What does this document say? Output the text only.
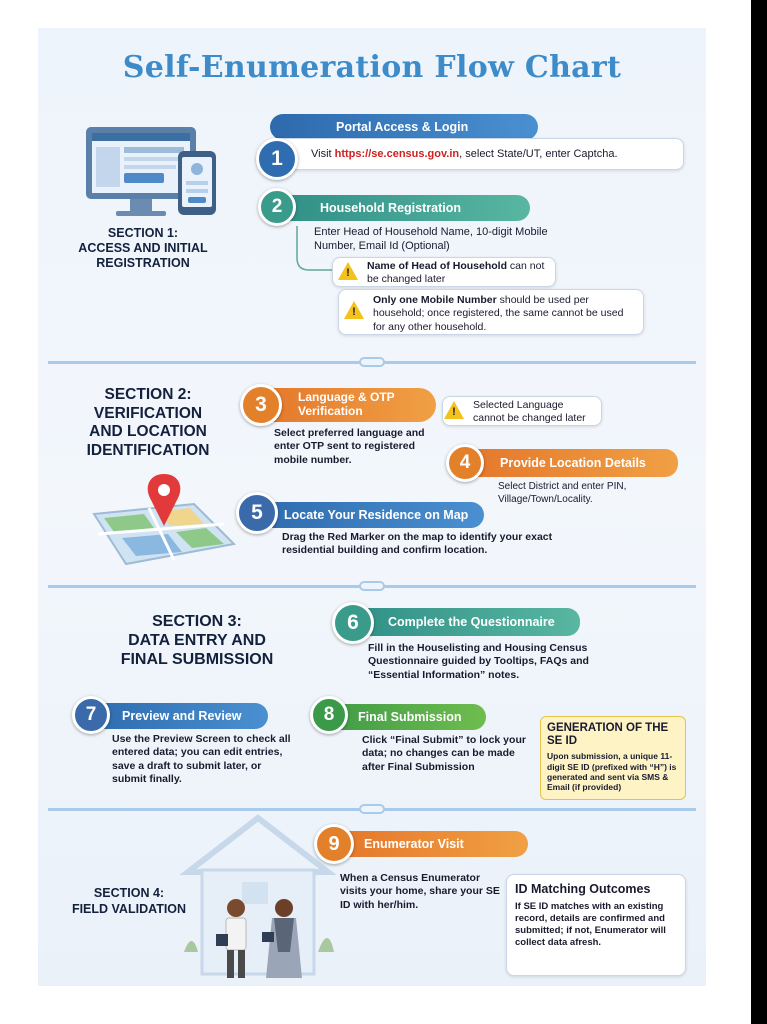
Self-Enumeration Flow Chart
SECTION 1:
ACCESS AND INITIAL
REGISTRATION
Portal Access & Login
Visit https://se.census.gov.in, select State/UT, enter Captcha.
1
Household Registration
2
Enter Head of Household Name, 10-digit Mobile Number, Email Id (Optional)
Name of Head of Household can not be changed later
!
Only one Mobile Number should be used per household; once registered, the same cannot be used for any other household.
!
SECTION 2:
VERIFICATION
AND LOCATION
IDENTIFICATION
Language & OTP Verification
3
Select preferred language and enter OTP sent to registered mobile number.
Selected Language cannot be changed later
!
Provide Location Details
4
Select District and enter PIN, Village/Town/Locality.
Locate Your Residence on Map
5
Drag the Red Marker on the map to identify your exact residential building and confirm location.
SECTION 3:
DATA ENTRY AND
FINAL SUBMISSION
Complete the Questionnaire
6
Fill in the Houselisting and Housing Census Questionnaire guided by Tooltips, FAQs and “Essential Information” notes.
Preview and Review
7
Use the Preview Screen to check all entered data; you can edit entries, save a draft to submit later, or submit finally.
Final Submission
8
Click “Final Submit” to lock your data; no changes can be made after Final Submission
GENERATION OF THE SE ID
Upon submission, a unique 11-digit SE ID (prefixed with “H”) is generated and sent via SMS & Email (if provided)
SECTION 4:
FIELD VALIDATION
Enumerator Visit
9
When a Census Enumerator visits your home, share your SE ID with her/him.
ID Matching Outcomes
If SE ID matches with an existing record, details are confirmed and submitted; if not, Enumerator will collect data afresh.
